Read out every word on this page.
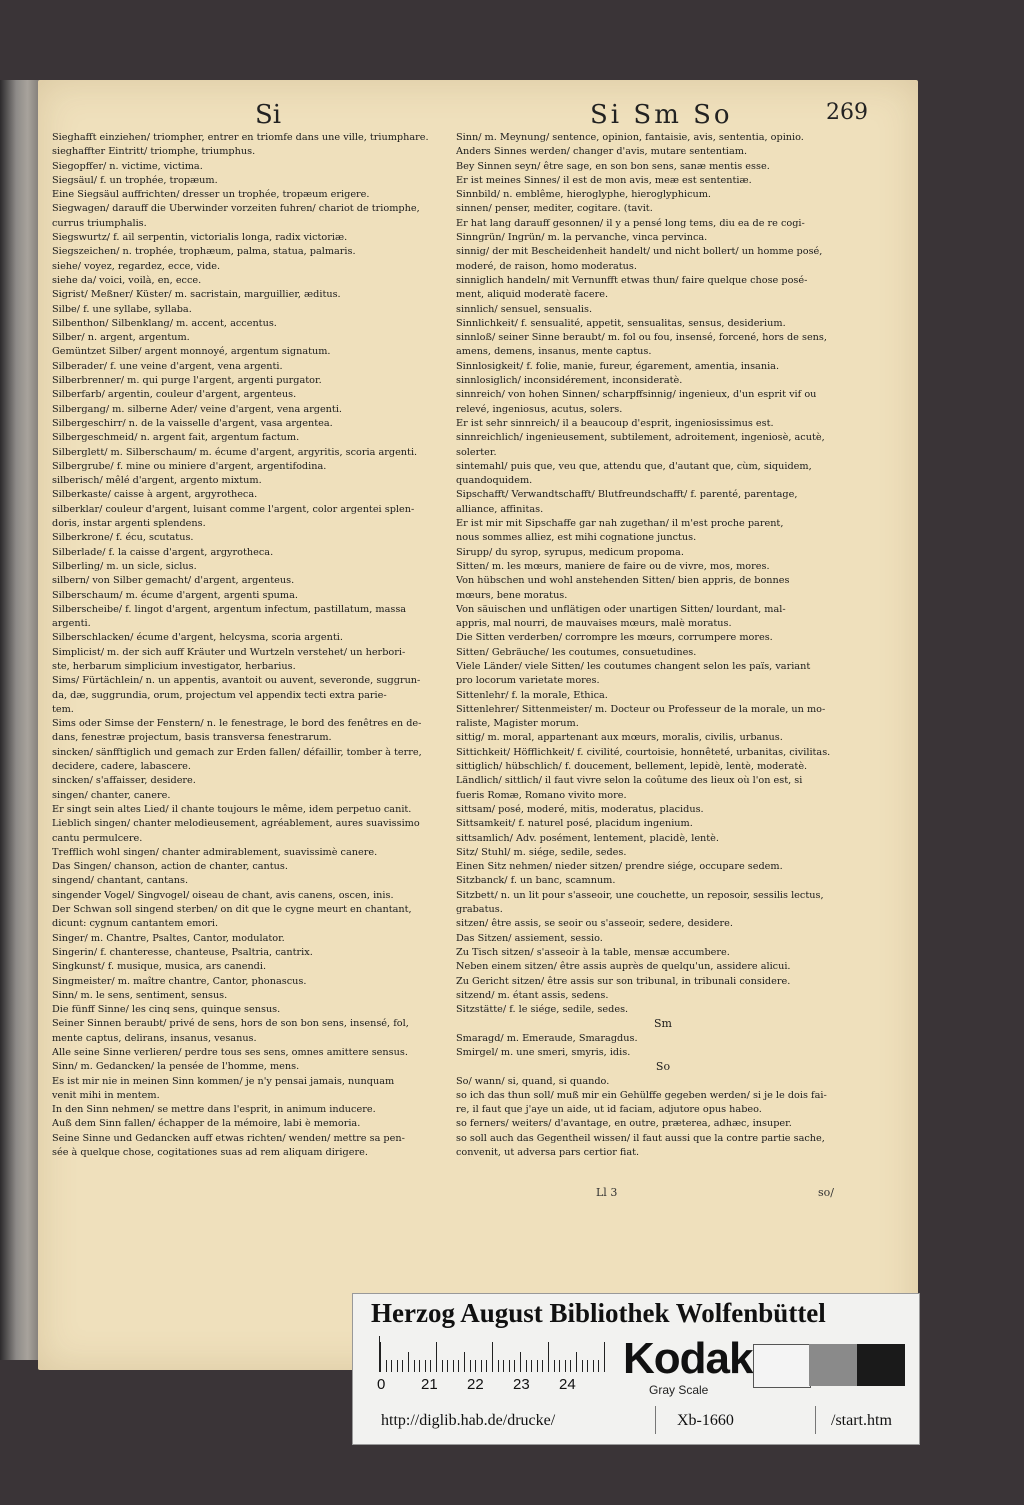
Si	Si Sm So	269
Sieghafft einziehen/ triompher, entrer en triomfe dans une ville, triumphare.
sieghaffter Eintritt/ triomphe, triumphus.
Siegopffer/ n. victime, victima.
Siegsäul/ f. un trophée, tropæum.
Eine Siegsäul auffrichten/ dresser un trophée, tropæum erigere.
Siegwagen/ darauff die Uberwinder vorzeiten fuhren/ chariot de triomphe,
currus triumphalis.
Siegswurtz/ f. ail serpentin, victorialis longa, radix victoriæ.
Siegszeichen/ n. trophée, trophæum, palma, statua, palmaris.
siehe/ voyez, regardez, ecce, vide.
siehe da/ voici, voilà, en, ecce.
Sigrist/ Meßner/ Küster/ m. sacristain, marguillier, æditus.
Silbe/ f. une syllabe, syllaba.
Silbenthon/ Silbenklang/ m. accent, accentus.
Silber/ n. argent, argentum.
Gemüntzet Silber/ argent monnoyé, argentum signatum.
Silberader/ f. une veine d'argent, vena argenti.
Silberbrenner/ m. qui purge l'argent, argenti purgator.
Silberfarb/ argentin, couleur d'argent, argenteus.
Silbergang/ m. silberne Ader/ veine d'argent, vena argenti.
Silbergeschirr/ n. de la vaisselle d'argent, vasa argentea.
Silbergeschmeid/ n. argent fait, argentum factum.
Silberglett/ m. Silberschaum/ m. écume d'argent, argyritis, scoria argenti.
Silbergrube/ f. mine ou miniere d'argent, argentifodina.
silberisch/ mêlé d'argent, argento mixtum.
Silberkaste/ caisse à argent, argyrotheca.
silberklar/ couleur d'argent, luisant comme l'argent, color argentei splen-
doris, instar argenti splendens.
Silberkrone/ f. écu, scutatus.
Silberlade/ f. la caisse d'argent, argyrotheca.
Silberling/ m. un sicle, siclus.
silbern/ von Silber gemacht/ d'argent, argenteus.
Silberschaum/ m. écume d'argent, argenti spuma.
Silberscheibe/ f. lingot d'argent, argentum infectum, pastillatum, massa
argenti.
Silberschlacken/ écume d'argent, helcysma, scoria argenti.
Simplicist/ m. der sich auff Kräuter und Wurtzeln verstehet/ un herbori-
ste, herbarum simplicium investigator, herbarius.
Sims/ Fürtächlein/ n. un appentis, avantoit ou auvent, severonde, suggrun-
da, dæ, suggrundia, orum, projectum vel appendix tecti extra parie-
tem.
Sims oder Simse der Fenstern/ n. le fenestrage, le bord des fenêtres en de-
dans, fenestræ projectum, basis transversa fenestrarum.
sincken/ sänfftiglich und gemach zur Erden fallen/ défaillir, tomber à terre,
decidere, cadere, labascere.
sincken/ s'affaisser, desidere.
singen/ chanter, canere.
Er singt sein altes Lied/ il chante toujours le même, idem perpetuo canit.
Lieblich singen/ chanter melodieusement, agréablement, aures suavissimo
cantu permulcere.
Trefflich wohl singen/ chanter admirablement, suavissimè canere.
Das Singen/ chanson, action de chanter, cantus.
singend/ chantant, cantans.
singender Vogel/ Singvogel/ oiseau de chant, avis canens, oscen, inis.
Der Schwan soll singend sterben/ on dit que le cygne meurt en chantant,
dicunt: cygnum cantantem emori.
Singer/ m. Chantre, Psaltes, Cantor, modulator.
Singerin/ f. chanteresse, chanteuse, Psaltria, cantrix.
Singkunst/ f. musique, musica, ars canendi.
Singmeister/ m. maître chantre, Cantor, phonascus.
Sinn/ m. le sens, sentiment, sensus.
Die fünff Sinne/ les cinq sens, quinque sensus.
Seiner Sinnen beraubt/ privé de sens, hors de son bon sens, insensé, fol,
mente captus, delirans, insanus, vesanus.
Alle seine Sinne verlieren/ perdre tous ses sens, omnes amittere sensus.
Sinn/ m. Gedancken/ la pensée de l'homme, mens.
Es ist mir nie in meinen Sinn kommen/ je n'y pensai jamais, nunquam
venit mihi in mentem.
In den Sinn nehmen/ se mettre dans l'esprit, in animum inducere.
Auß dem Sinn fallen/ échapper de la mémoire, labi è memoria.
Seine Sinne und Gedancken auff etwas richten/ wenden/ mettre sa pen-
sée à quelque chose, cogitationes suas ad rem aliquam dirigere.
Sinn/ m. Meynung/ sentence, opinion, fantaisie, avis, sententia, opinio.
Anders Sinnes werden/ changer d'avis, mutare sententiam.
Bey Sinnen seyn/ être sage, en son bon sens, sanæ mentis esse.
Er ist meines Sinnes/ il est de mon avis, meæ est sententiæ.
Sinnbild/ n. emblême, hieroglyphe, hieroglyphicum.
sinnen/ penser, mediter, cogitare. (tavit.
Er hat lang darauff gesonnen/ il y a pensé long tems, diu ea de re cogi-
Sinngrün/ Ingrün/ m. la pervanche, vinca pervinca.
sinnig/ der mit Bescheidenheit handelt/ und nicht bollert/ un homme posé,
moderé, de raison, homo moderatus.
sinniglich handeln/ mit Vernunfft etwas thun/ faire quelque chose posé-
ment, aliquid moderatè facere.
sinnlich/ sensuel, sensualis.
Sinnlichkeit/ f. sensualité, appetit, sensualitas, sensus, desiderium.
sinnloß/ seiner Sinne beraubt/ m. fol ou fou, insensé, forcené, hors de sens,
amens, demens, insanus, mente captus.
Sinnlosigkeit/ f. folie, manie, fureur, égarement, amentia, insania.
sinnlosiglich/ inconsidérement, inconsideratè.
sinnreich/ von hohen Sinnen/ scharpffsinnig/ ingenieux, d'un esprit vif ou
relevé, ingeniosus, acutus, solers.
Er ist sehr sinnreich/ il a beaucoup d'esprit, ingeniosissimus est.
sinnreichlich/ ingenieusement, subtilement, adroitement, ingeniosè, acutè,
solerter.
sintemahl/ puis que, veu que, attendu que, d'autant que, cùm, siquidem,
quandoquidem.
Sipschafft/ Verwandtschafft/ Blutfreundschafft/ f. parenté, parentage,
alliance, affinitas.
Er ist mir mit Sipschaffe gar nah zugethan/ il m'est proche parent,
nous sommes alliez, est mihi cognatione junctus.
Sirupp/ du syrop, syrupus, medicum propoma.
Sitten/ m. les mœurs, maniere de faire ou de vivre, mos, mores.
Von hübschen und wohl anstehenden Sitten/ bien appris, de bonnes
mœurs, bene moratus.
Von säuischen und unflätigen oder unartigen Sitten/ lourdant, mal-
appris, mal nourri, de mauvaises mœurs, malè moratus.
Die Sitten verderben/ corrompre les mœurs, corrumpere mores.
Sitten/ Gebräuche/ les coutumes, consuetudines.
Viele Länder/ viele Sitten/ les coutumes changent selon les païs, variant
pro locorum varietate mores.
Sittenlehr/ f. la morale, Ethica.
Sittenlehrer/ Sittenmeister/ m. Docteur ou Professeur de la morale, un mo-
raliste, Magister morum.
sittig/ m. moral, appartenant aux mœurs, moralis, civilis, urbanus.
Sittichkeit/ Höfflichkeit/ f. civilité, courtoisie, honnêteté, urbanitas, civilitas.
sittiglich/ hübschlich/ f. doucement, bellement, lepidè, lentè, moderatè.
Ländlich/ sittlich/ il faut vivre selon la coûtume des lieux où l'on est, si
fueris Romæ, Romano vivito more.
sittsam/ posé, moderé, mitis, moderatus, placidus.
Sittsamkeit/ f. naturel posé, placidum ingenium.
sittsamlich/ Adv. posément, lentement, placidè, lentè.
Sitz/ Stuhl/ m. siége, sedile, sedes.
Einen Sitz nehmen/ nieder sitzen/ prendre siége, occupare sedem.
Sitzbanck/ f. un banc, scamnum.
Sitzbett/ n. un lit pour s'asseoir, une couchette, un reposoir, sessilis lectus,
grabatus.
sitzen/ être assis, se seoir ou s'asseoir, sedere, desidere.
Das Sitzen/ assiement, sessio.
Zu Tisch sitzen/ s'asseoir à la table, mensæ accumbere.
Neben einem sitzen/ être assis auprès de quelqu'un, assidere alicui.
Zu Gericht sitzen/ être assis sur son tribunal, in tribunali considere.
sitzend/ m. étant assis, sedens.
Sitzstätte/ f. le siége, sedile, sedes.
Sm
Smaragd/ m. Emeraude, Smaragdus.
Smirgel/ m. une smeri, smyris, idis.
So
So/ wann/ si, quand, si quando.
so ich das thun soll/ muß mir ein Gehülffe gegeben werden/ si je le dois fai-
re, il faut que j'aye un aide, ut id faciam, adjutore opus habeo.
so ferners/ weiters/ d'avantage, en outre, præterea, adhæc, insuper.
so soll auch das Gegentheil wissen/ il faut aussi que la contre partie sache,
convenit, ut adversa pars certior fiat.
Ll 3	so/
Herzog August Bibliothek Wolfenbüttel
0 21 22 23 24
Kodak
Gray Scale
http://diglib.hab.de/drucke/	Xb-1660	/start.htm
